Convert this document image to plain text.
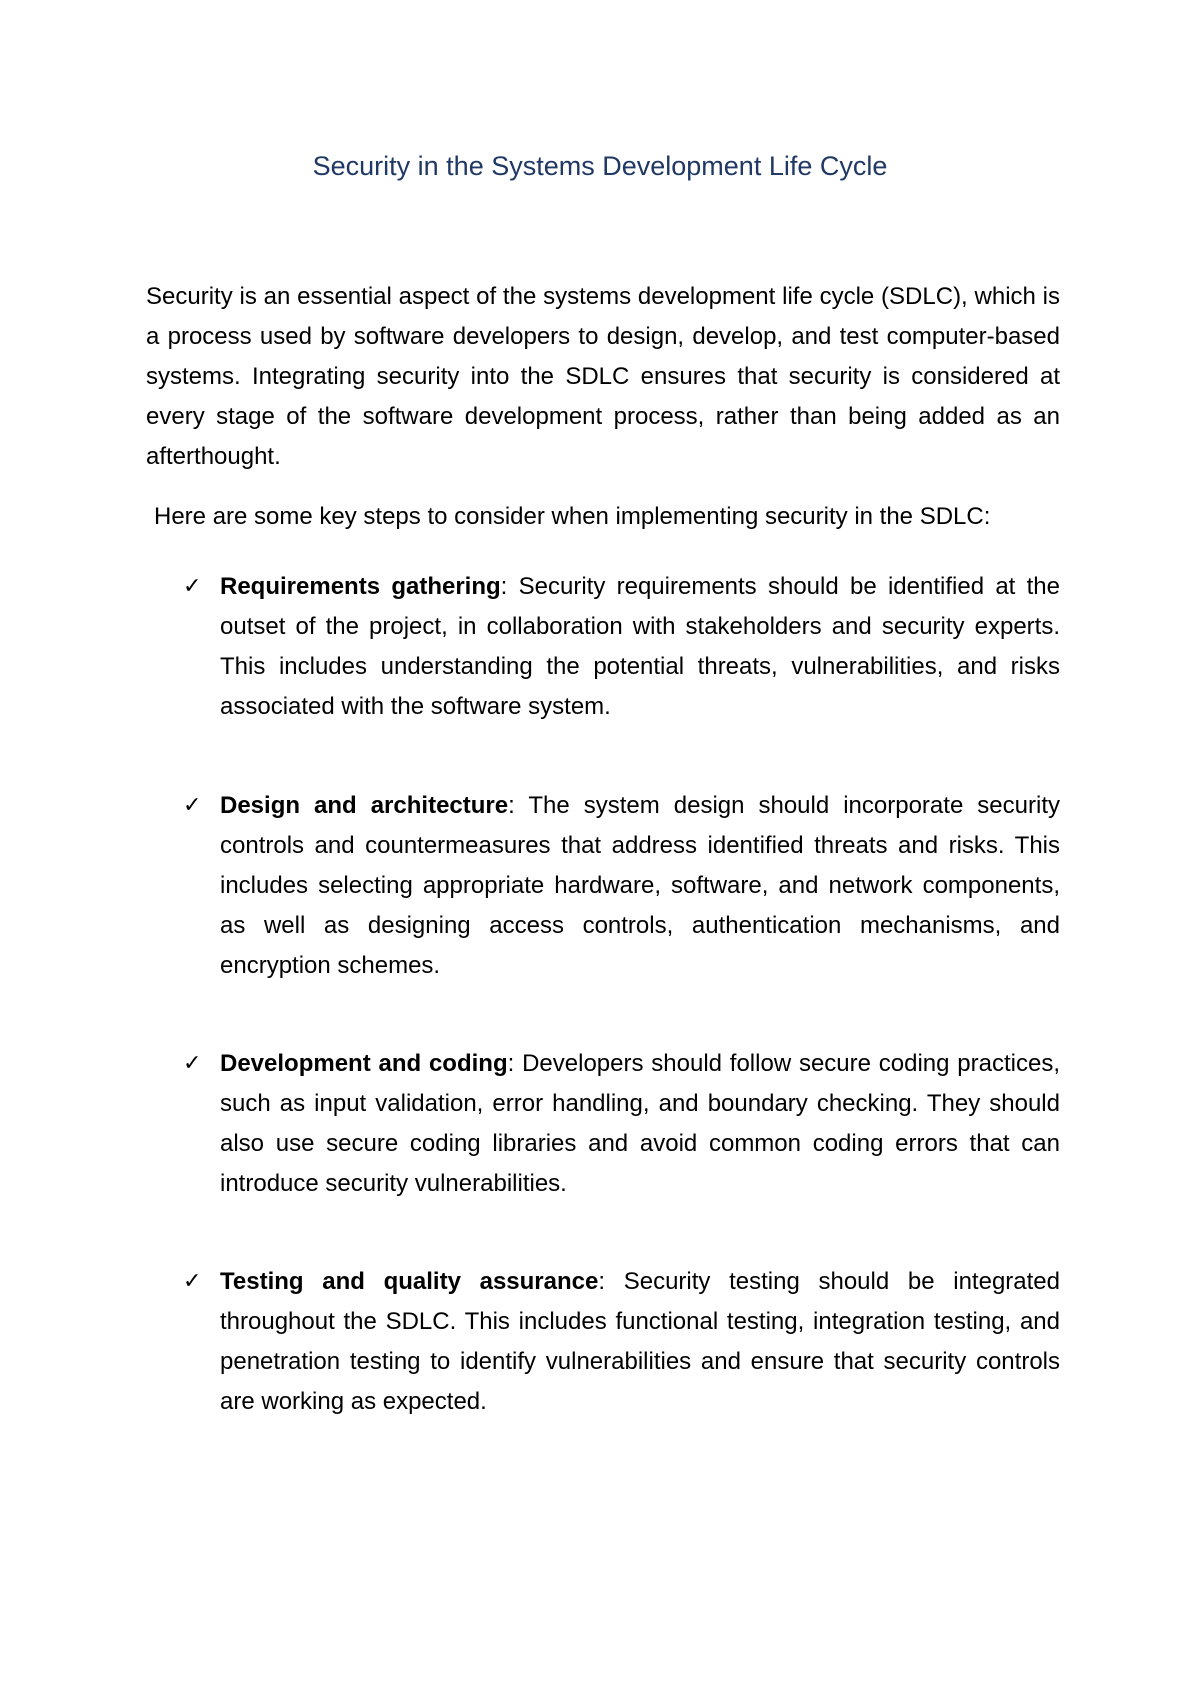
Security in the Systems Development Life Cycle

Security is an essential aspect of the systems development life cycle (SDLC), which is a process used by software developers to design, develop, and test computer-based systems. Integrating security into the SDLC ensures that security is considered at every stage of the software development process, rather than being added as an afterthought.

Here are some key steps to consider when implementing security in the SDLC:

✓ Requirements gathering: Security requirements should be identified at the outset of the project, in collaboration with stakeholders and security experts. This includes understanding the potential threats, vulnerabilities, and risks associated with the software system.

✓ Design and architecture: The system design should incorporate security controls and countermeasures that address identified threats and risks. This includes selecting appropriate hardware, software, and network components, as well as designing access controls, authentication mechanisms, and encryption schemes.

✓ Development and coding: Developers should follow secure coding practices, such as input validation, error handling, and boundary checking. They should also use secure coding libraries and avoid common coding errors that can introduce security vulnerabilities.

✓ Testing and quality assurance: Security testing should be integrated throughout the SDLC. This includes functional testing, integration testing, and penetration testing to identify vulnerabilities and ensure that security controls are working as expected.
